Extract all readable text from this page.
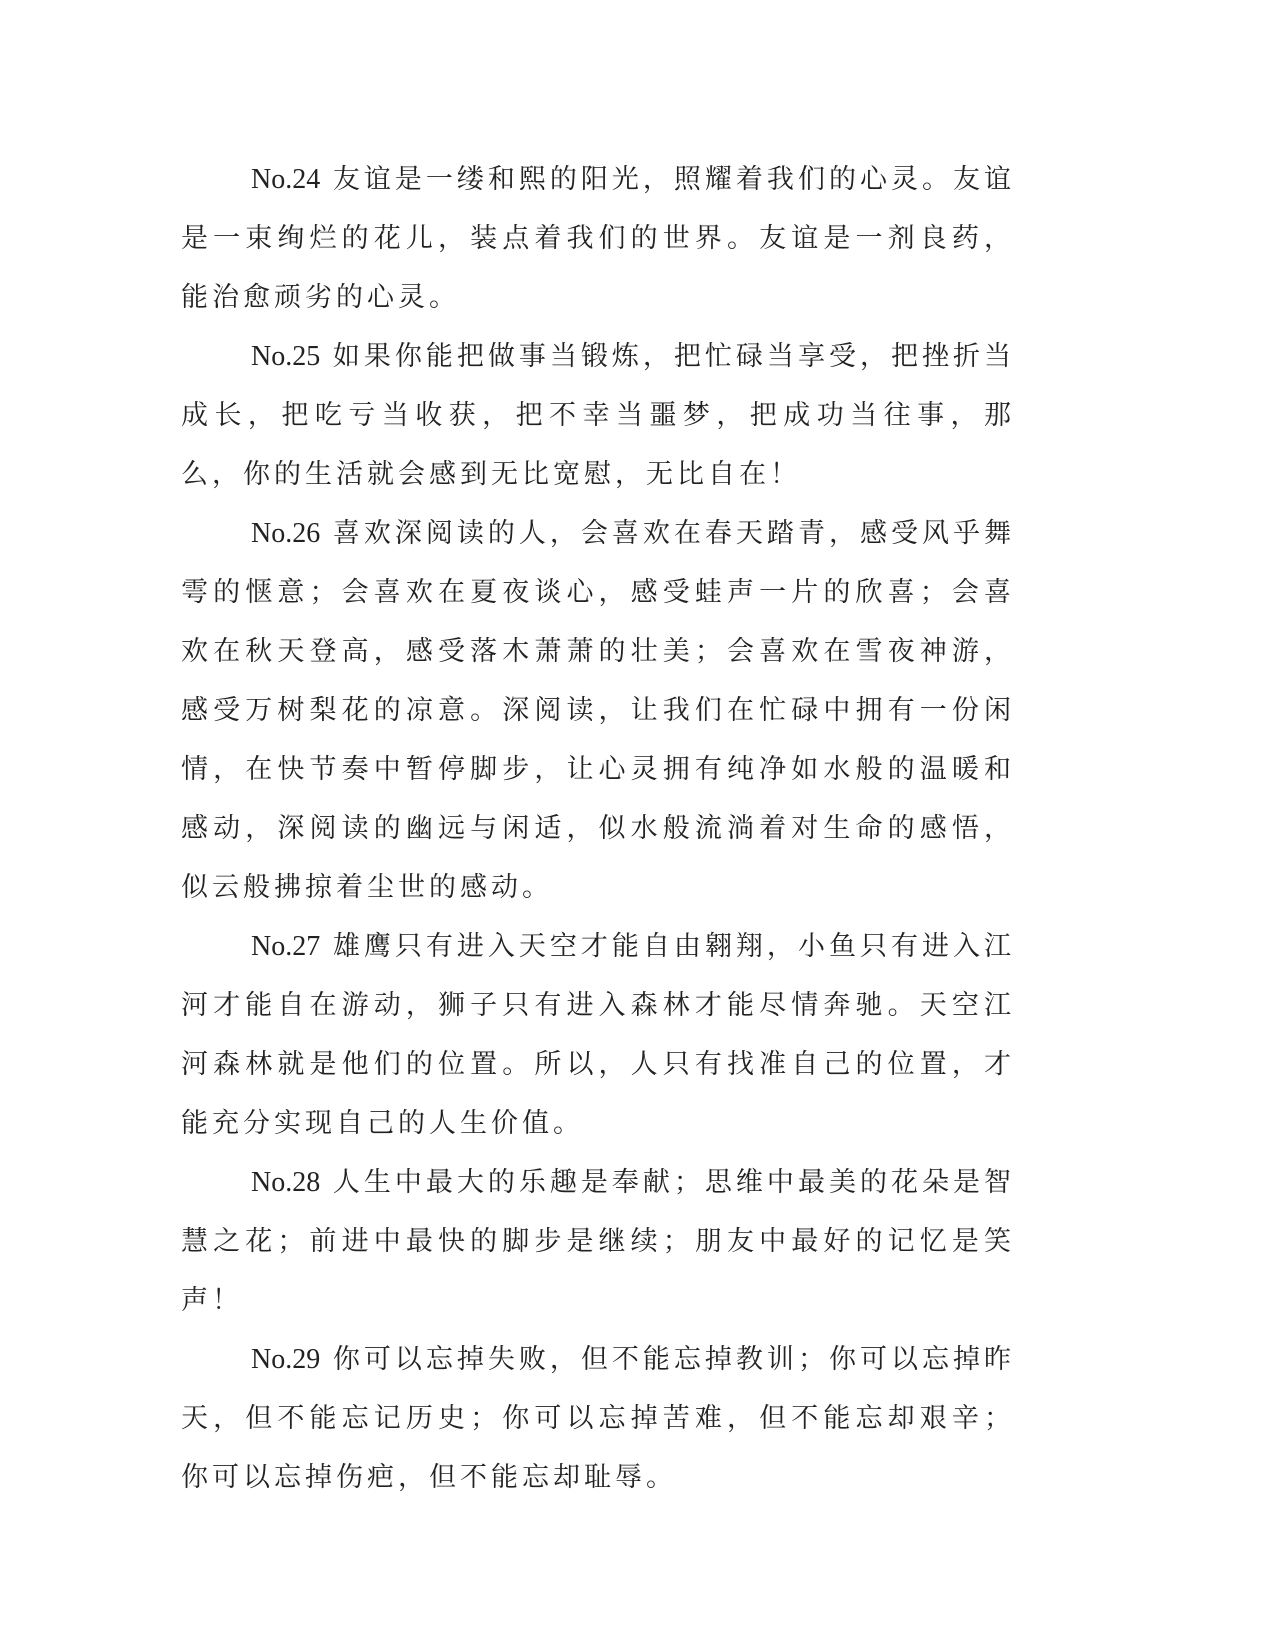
No.24 友谊是一缕和熙的阳光，照耀着我们的心灵。友谊是一束绚烂的花儿，装点着我们的世界。友谊是一剂良药，能治愈顽劣的心灵。

No.25 如果你能把做事当锻炼，把忙碌当享受，把挫折当成长，把吃亏当收获，把不幸当噩梦，把成功当往事，那么，你的生活就会感到无比宽慰，无比自在！

No.26 喜欢深阅读的人，会喜欢在春天踏青，感受风乎舞雩的惬意；会喜欢在夏夜谈心，感受蛙声一片的欣喜；会喜欢在秋天登高，感受落木萧萧的壮美；会喜欢在雪夜神游，感受万树梨花的凉意。深阅读，让我们在忙碌中拥有一份闲情，在快节奏中暂停脚步，让心灵拥有纯净如水般的温暖和感动，深阅读的幽远与闲适，似水般流淌着对生命的感悟，似云般拂掠着尘世的感动。

No.27 雄鹰只有进入天空才能自由翱翔，小鱼只有进入江河才能自在游动，狮子只有进入森林才能尽情奔驰。天空江河森林就是他们的位置。所以，人只有找准自己的位置，才能充分实现自己的人生价值。

No.28 人生中最大的乐趣是奉献；思维中最美的花朵是智慧之花；前进中最快的脚步是继续；朋友中最好的记忆是笑声！

No.29 你可以忘掉失败，但不能忘掉教训；你可以忘掉昨天，但不能忘记历史；你可以忘掉苦难，但不能忘却艰辛；你可以忘掉伤疤，但不能忘却耻辱。
